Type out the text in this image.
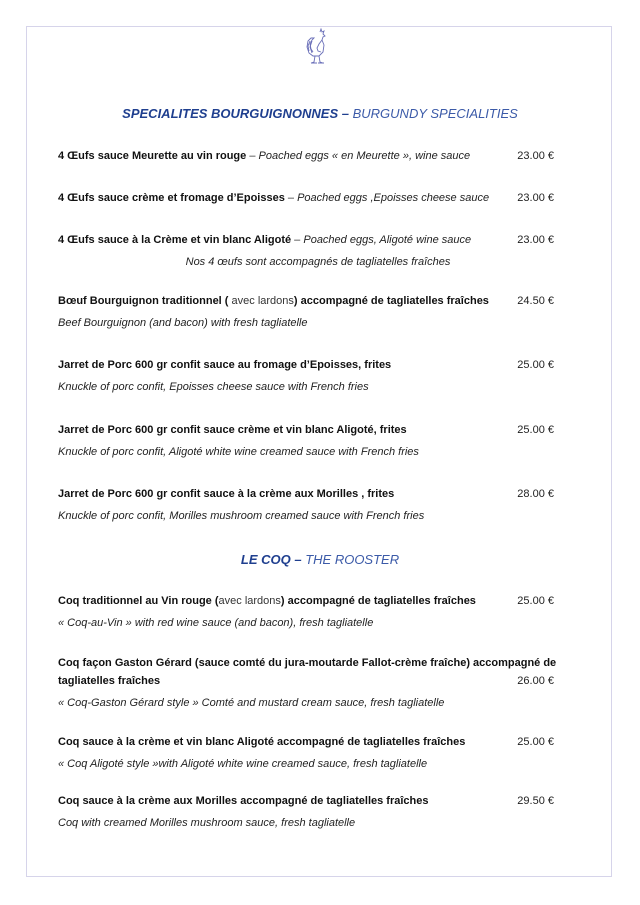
SPECIALITES BOURGUIGNONNES – BURGUNDY SPECIALITIES
4 Œufs sauce Meurette au vin rouge – Poached eggs « en Meurette », wine sauce	23.00 €
4 Œufs sauce crème et fromage d’Epoisses – Poached eggs ,Epoisses cheese sauce	23.00 €
4 Œufs sauce à la Crème et vin blanc Aligoté – Poached eggs, Aligoté wine sauce	23.00 €
Nos 4 œufs sont accompagnés de tagliatelles fraîches
Bœuf Bourguignon traditionnel ( avec lardons) accompagné de tagliatelles fraîches	24.50 €
Beef Bourguignon (and bacon) with fresh tagliatelle
Jarret de Porc 600 gr confit sauce au fromage d’Epoisses, frites	25.00 €
Knuckle of porc confit, Epoisses cheese sauce with French fries
Jarret de Porc 600 gr confit sauce crème et vin blanc Aligoté, frites	25.00 €
Knuckle of porc confit, Aligoté white wine creamed sauce with French fries
Jarret de Porc 600 gr confit sauce à la crème aux Morilles , frites	28.00 €
Knuckle of porc confit, Morilles mushroom creamed sauce with French fries
LE COQ – THE ROOSTER
Coq traditionnel au Vin rouge (avec lardons) accompagné de tagliatelles fraîches	25.00 €
« Coq-au-Vin » with red wine sauce (and bacon), fresh tagliatelle
Coq façon Gaston Gérard (sauce comté du jura-moutarde Fallot-crème fraîche) accompagné de
tagliatelles fraîches	26.00 €
« Coq-Gaston Gérard style » Comté and mustard cream sauce, fresh tagliatelle
Coq sauce à la crème et vin blanc Aligoté accompagné de tagliatelles fraîches	25.00 €
« Coq Aligoté style »with Aligoté white wine creamed sauce, fresh tagliatelle
Coq sauce à la crème aux Morilles accompagné de tagliatelles fraîches	29.50 €
Coq with creamed Morilles mushroom sauce, fresh tagliatelle
